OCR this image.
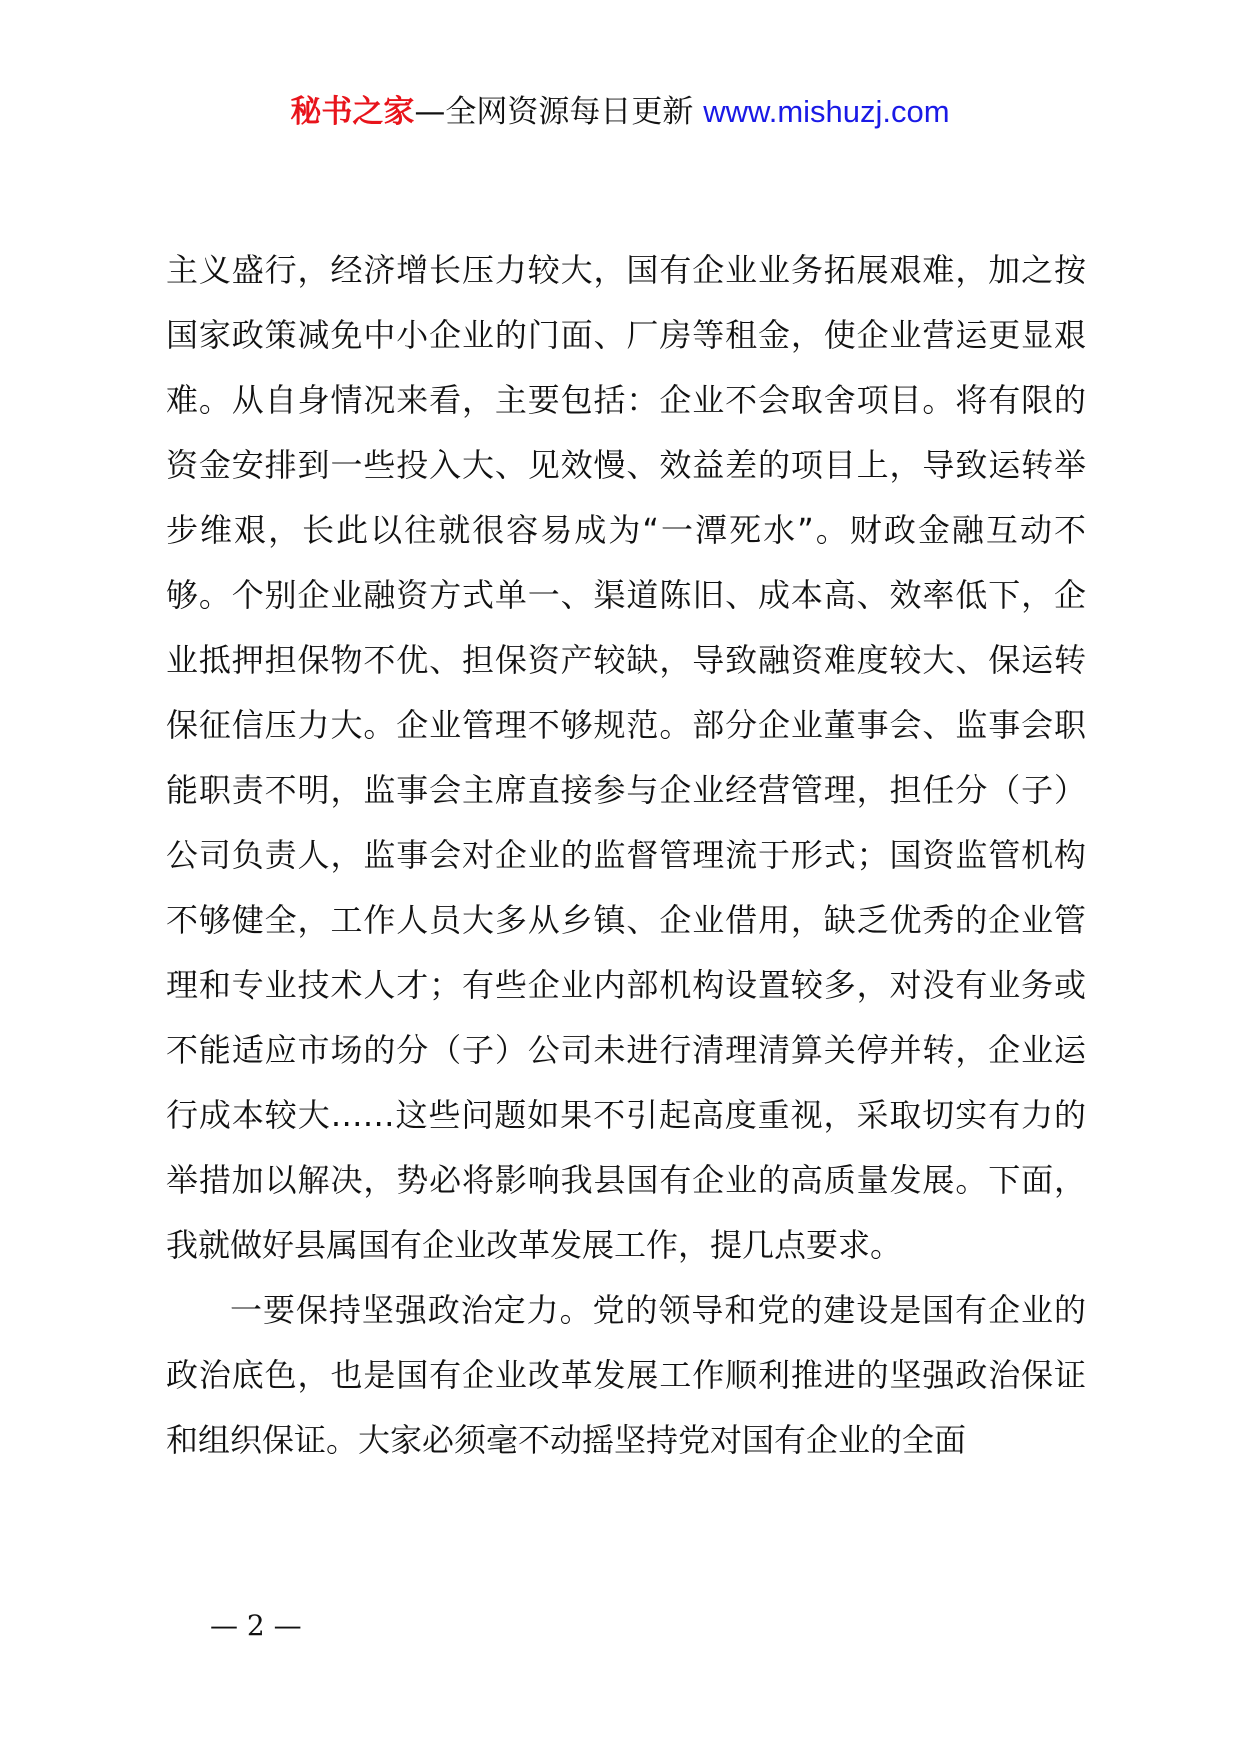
秘书之家—全网资源每日更新 www.mishuzj.com

主义盛行，经济增长压力较大，国有企业业务拓展艰难，加之按国家政策减免中小企业的门面、厂房等租金，使企业营运更显艰难。从自身情况来看，主要包括：企业不会取舍项目。将有限的资金安排到一些投入大、见效慢、效益差的项目上，导致运转举步维艰，长此以往就很容易成为“一潭死水”。财政金融互动不够。个别企业融资方式单一、渠道陈旧、成本高、效率低下，企业抵押担保物不优、担保资产较缺，导致融资难度较大、保运转保征信压力大。企业管理不够规范。部分企业董事会、监事会职能职责不明，监事会主席直接参与企业经营管理，担任分（子）公司负责人，监事会对企业的监督管理流于形式；国资监管机构不够健全，工作人员大多从乡镇、企业借用，缺乏优秀的企业管理和专业技术人才；有些企业内部机构设置较多，对没有业务或不能适应市场的分（子）公司未进行清理清算关停并转，企业运行成本较大……这些问题如果不引起高度重视，采取切实有力的举措加以解决，势必将影响我县国有企业的高质量发展。下面，我就做好县属国有企业改革发展工作，提几点要求。

一要保持坚强政治定力。党的领导和党的建设是国有企业的政治底色，也是国有企业改革发展工作顺利推进的坚强政治保证和组织保证。大家必须毫不动摇坚持党对国有企业的全面

— 2 —
